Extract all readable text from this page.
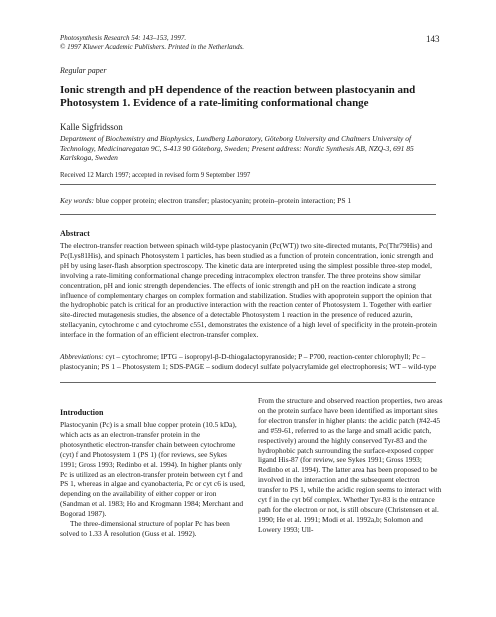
Photosynthesis Research 54: 143–153, 1997.
© 1997 Kluwer Academic Publishers. Printed in the Netherlands.
143
Regular paper
Ionic strength and pH dependence of the reaction between plastocyanin and Photosystem 1. Evidence of a rate-limiting conformational change
Kalle Sigfridsson
Department of Biochemistry and Biophysics, Lundberg Laboratory, Göteborg University and Chalmers University of Technology, Medicinaregatan 9C, S-413 90 Göteborg, Sweden; Present address: Nordic Synthesis AB, NZQ-3, 691 85 Karlskoga, Sweden
Received 12 March 1997; accepted in revised form 9 September 1997
Key words: blue copper protein; electron transfer; plastocyanin; protein–protein interaction; PS 1
Abstract

The electron-transfer reaction between spinach wild-type plastocyanin (Pc(WT)) two site-directed mutants, Pc(Thr79His) and Pc(Lys81His), and spinach Photosystem 1 particles, has been studied as a function of protein concentration, ionic strength and pH by using laser-flash absorption spectroscopy. The kinetic data are interpreted using the simplest possible three-step model, involving a rate-limiting conformational change preceding intracomplex electron transfer. The three proteins show similar concentration, pH and ionic strength dependencies. The effects of ionic strength and pH on the reaction indicate a strong influence of complementary charges on complex formation and stabilization. Studies with apoprotein support the opinion that the hydrophobic patch is critical for an productive interaction with the reaction center of Photosystem 1. Together with earlier site-directed mutagenesis studies, the absence of a detectable Photosystem 1 reaction in the presence of reduced azurin, stellacyanin, cytochrome c and cytochrome c551, demonstrates the existence of a high level of specificity in the protein-protein interface in the formation of an efficient electron-transfer complex.

Abbreviations: cyt – cytochrome; IPTG – isopropyl-β-D-thiogalactopyranoside; P – P700, reaction-center chlorophyll; Pc – plastocyanin; PS 1 – Photosystem 1; SDS-PAGE – sodium dodecyl sulfate polyacrylamide gel electrophoresis; WT – wild-type
Introduction

Plastocyanin (Pc) is a small blue copper protein (10.5 kDa), which acts as an electron-transfer protein in the photosynthetic electron-transfer chain between cytochrome (cyt) f and Photosystem 1 (PS 1) (for reviews, see Sykes 1991; Gross 1993; Redinbo et al. 1994). In higher plants only Pc is utilized as an electron-transfer protein between cyt f and PS 1, whereas in algae and cyanobacteria, Pc or cyt c6 is used, depending on the availability of either copper or iron (Sandman et al. 1983; Ho and Krogmann 1984; Merchant and Bogorad 1987).

The three-dimensional structure of poplar Pc has been solved to 1.33 Å resolution (Guss et al. 1992).

From the structure and observed reaction properties, two areas on the protein surface have been identified as important sites for electron transfer in higher plants: the acidic patch (#42-45 and #59-61, referred to as the large and small acidic patch, respectively) around the highly conserved Tyr-83 and the hydrophobic patch surrounding the surface-exposed copper ligand His-87 (for review, see Sykes 1991; Gross 1993; Redinbo et al. 1994). The latter area has been proposed to be involved in the interaction and the subsequent electron transfer to PS 1, while the acidic region seems to interact with cyt f in the cyt b6f complex. Whether Tyr-83 is the entrance path for the electron or not, is still obscure (Christensen et al. 1990; He et al. 1991; Modi et al. 1992a,b; Solomon and Lowery 1993; Ull-
